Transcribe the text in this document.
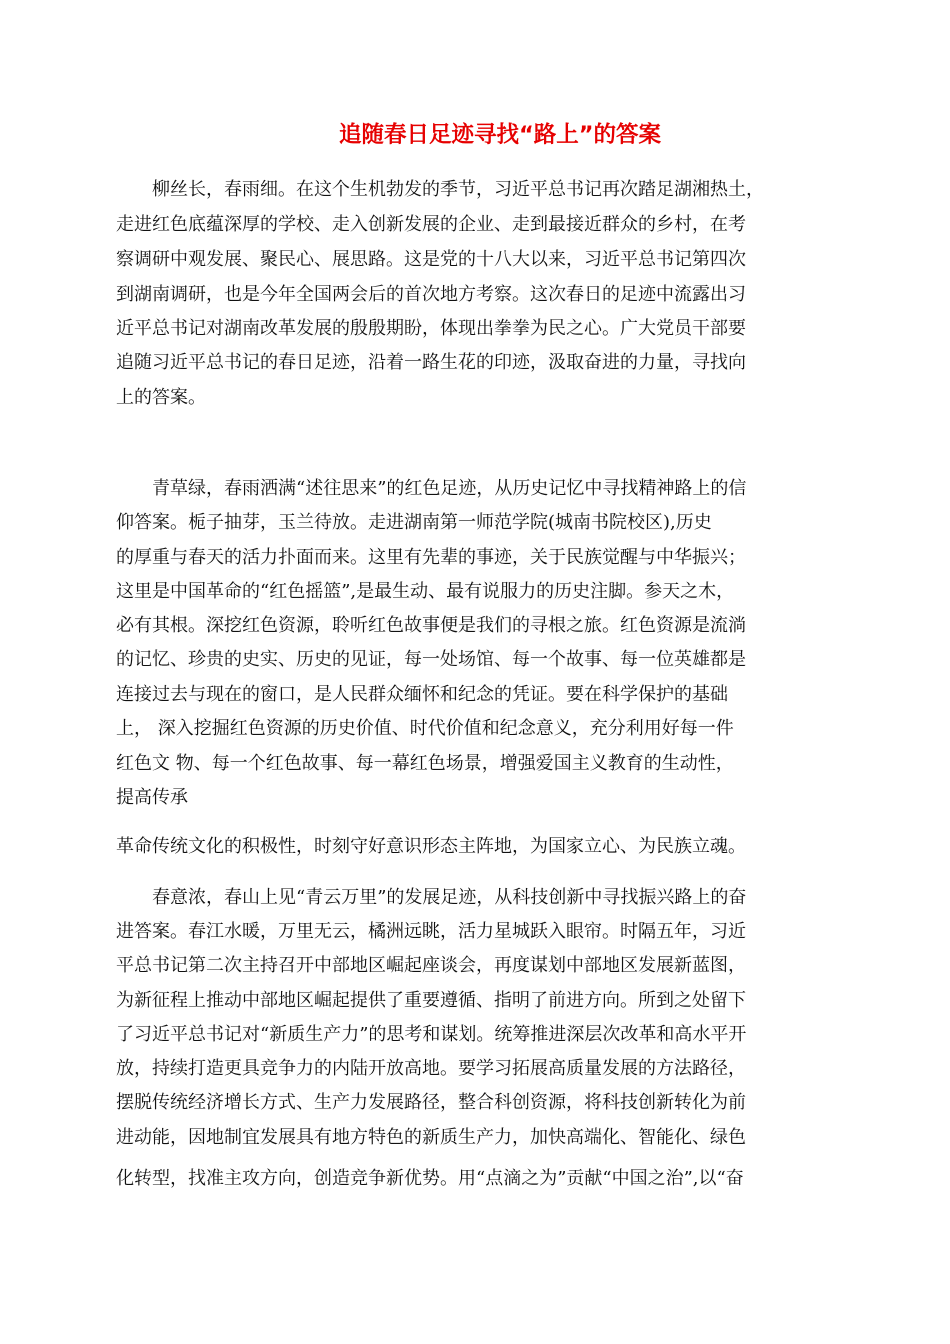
追随春日足迹寻找“路上”的答案

柳丝长，春雨细。在这个生机勃发的季节，习近平总书记再次踏足湖湘热土，

走进红色底蕴深厚的学校、走入创新发展的企业、走到最接近群众的乡村，在考

察调研中观发展、聚民心、展思路。这是党的十八大以来，习近平总书记第四次

到湖南调研，也是今年全国两会后的首次地方考察。这次春日的足迹中流露出习

近平总书记对湖南改革发展的殷殷期盼，体现出拳拳为民之心。广大党员干部要

追随习近平总书记的春日足迹，沿着一路生花的印迹，汲取奋进的力量，寻找向

上的答案。

青草绿，春雨洒满“述往思来”的红色足迹，从历史记忆中寻找精神路上的信

仰答案。栀子抽芽，玉兰待放。走进湖南第一师范学院(城南书院校区),历史

的厚重与春天的活力扑面而来。这里有先辈的事迹，关于民族觉醒与中华振兴；

这里是中国革命的“红色摇篮”,是最生动、最有说服力的历史注脚。参天之木，

必有其根。深挖红色资源，聆听红色故事便是我们的寻根之旅。红色资源是流淌

的记忆、珍贵的史实、历史的见证，每一处场馆、每一个故事、每一位英雄都是

连接过去与现在的窗口，是人民群众缅怀和纪念的凭证。要在科学保护的基础

上， 深入挖掘红色资源的历史价值、时代价值和纪念意义，充分利用好每一件

红色文 物、每一个红色故事、每一幕红色场景，增强爱国主义教育的生动性，

提高传承

革命传统文化的积极性，时刻守好意识形态主阵地，为国家立心、为民族立魂。

春意浓，春山上见“青云万里”的发展足迹，从科技创新中寻找振兴路上的奋

进答案。春江水暖，万里无云，橘洲远眺，活力星城跃入眼帘。时隔五年，习近

平总书记第二次主持召开中部地区崛起座谈会，再度谋划中部地区发展新蓝图，

为新征程上推动中部地区崛起提供了重要遵循、指明了前进方向。所到之处留下

了习近平总书记对“新质生产力”的思考和谋划。统筹推进深层次改革和高水平开

放，持续打造更具竞争力的内陆开放高地。要学习拓展高质量发展的方法路径，

摆脱传统经济增长方式、生产力发展路径，整合科创资源，将科技创新转化为前

进动能，因地制宜发展具有地方特色的新质生产力，加快高端化、智能化、绿色

化转型，找准主攻方向，创造竞争新优势。用“点滴之为”贡献“中国之治”,以“奋
